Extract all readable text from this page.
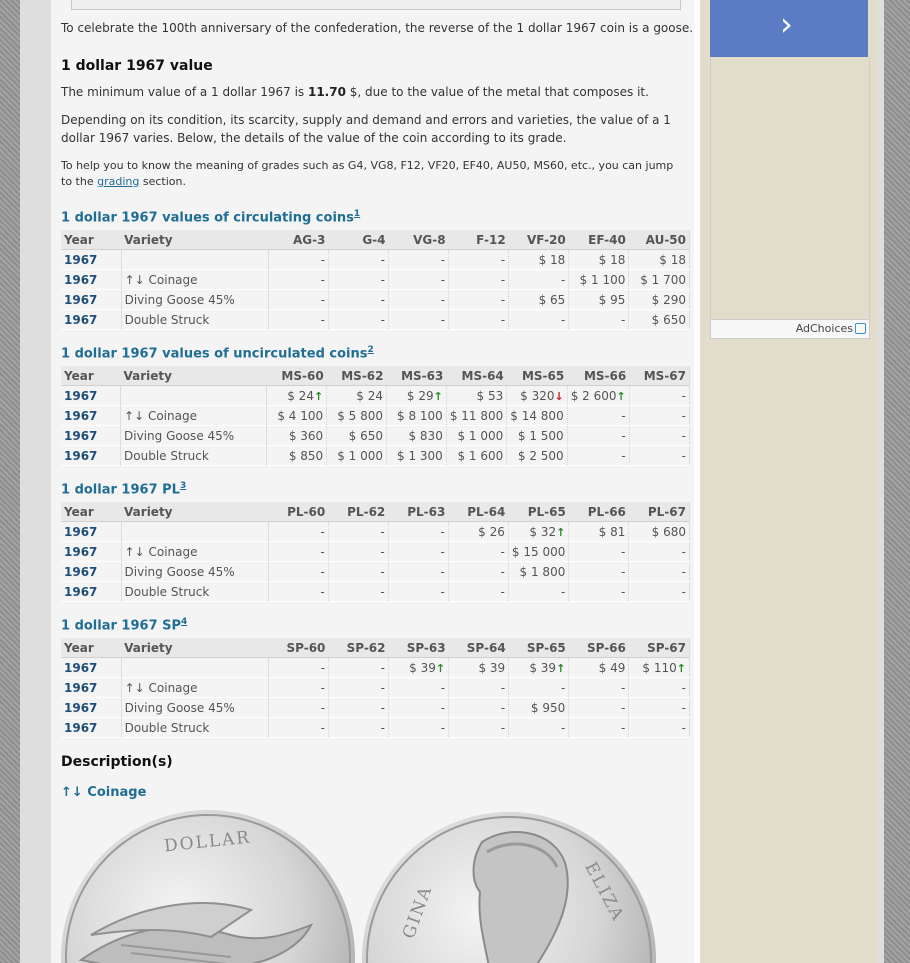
To celebrate the 100th anniversary of the confederation, the reverse of the 1 dollar 1967 coin is a goose.

1 dollar 1967 value

The minimum value of a 1 dollar 1967 is 11.70 $, due to the value of the metal that composes it.

Depending on its condition, its scarcity, supply and demand and errors and varieties, the value of a 1 dollar 1967 varies. Below, the details of the value of the coin according to its grade.

To help you to know the meaning of grades such as G4, VG8, F12, VF20, EF40, AU50, MS60, etc., you can jump to the grading section.

1 dollar 1967 values of circulating coins$^1$
Year	Variety	AG-3	G-4	VG-8	F-12	VF-20	EF-40	AU-50
1967		-	-	-	-	$ 18	$ 18	$ 18
1967	↑↓ Coinage	-	-	-	-	-	$ 1 100	$ 1 700
1967	Diving Goose 45%	-	-	-	-	$ 65	$ 95	$ 290
1967	Double Struck	-	-	-	-	-	-	$ 650
1 dollar 1967 values of uncirculated coins$^2$
Year	Variety	MS-60	MS-62	MS-63	MS-64	MS-65	MS-66	MS-67
1967		$ 24↑	$ 24	$ 29↑	$ 53	$ 320↓	$ 2 600↑	-
1967	↑↓ Coinage	$ 4 100	$ 5 800	$ 8 100	$ 11 800	$ 14 800	-	-
1967	Diving Goose 45%	$ 360	$ 650	$ 830	$ 1 000	$ 1 500	-	-
1967	Double Struck	$ 850	$ 1 000	$ 1 300	$ 1 600	$ 2 500	-	-
1 dollar 1967 $PL^3$
Year	Variety	PL-60	PL-62	PL-63	PL-64	PL-65	PL-66	PL-67
1967		-	-	-	$ 26	$ 32↑	$ 81	$ 680
1967	↑↓ Coinage	-	-	-	-	$ 15 000	-	-
1967	Diving Goose 45%	-	-	-	-	$ 1 800	-	-
1967	Double Struck	-	-	-	-	-	-	-
1 dollar 1967 $SP^4$
Year	Variety	SP-60	SP-62	SP-63	SP-64	SP-65	SP-66	SP-67
1967		-	-	$ 39↑	$ 39	$ 39↑	$ 49	$ 110↑
1967	↑↓ Coinage	-	-	-	-	-	-	-
1967	Diving Goose 45%	-	-	-	-	$ 950	-	-
1967	Double Struck	-	-	-	-	-	-	-
Description(s)
↑↓ Coinage
DOLLAR
GINA	ELIZA
›
AdChoices
